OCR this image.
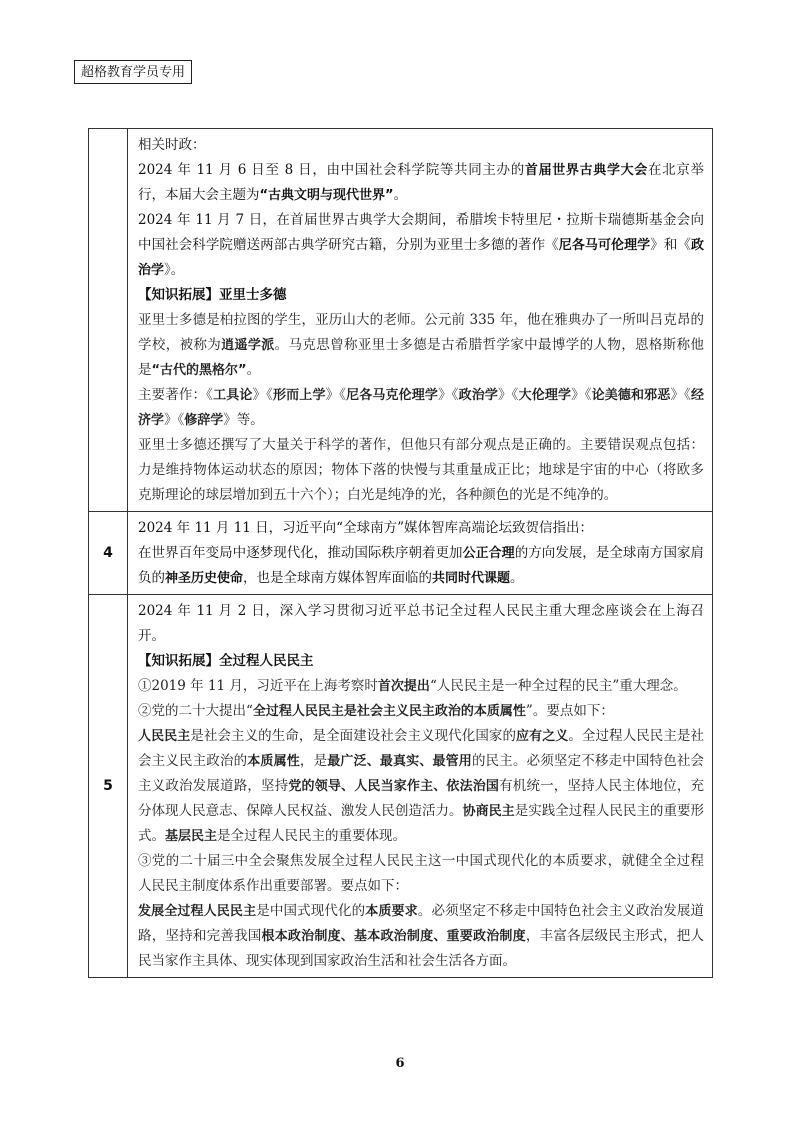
超格教育学员专用

相关时政：

2024 年 11 月 6 日至 8 日，由中国社会科学院等共同主办的首届世界古典学大会在北京举行，本届大会主题为“古典文明与现代世界”。

2024 年 11 月 7 日，在首届世界古典学大会期间，希腊埃卡特里尼・拉斯卡瑞德斯基金会向中国社会科学院赠送两部古典学研究古籍，分别为亚里士多德的著作《尼各马可伦理学》和《政治学》。

【知识拓展】亚里士多德

亚里士多德是柏拉图的学生，亚历山大的老师。公元前 335 年，他在雅典办了一所叫吕克昂的学校，被称为逍遥学派。马克思曾称亚里士多德是古希腊哲学家中最博学的人物，恩格斯称他是“古代的黑格尔”。

主要著作：《工具论》《形而上学》《尼各马克伦理学》《政治学》《大伦理学》《论美德和邪恶》《经济学》《修辞学》等。

亚里士多德还撰写了大量关于科学的著作，但他只有部分观点是正确的。主要错误观点包括：力是维持物体运动状态的原因；物体下落的快慢与其重量成正比；地球是宇宙的中心（将欧多克斯理论的球层增加到五十六个）；白光是纯净的光，各种颜色的光是不纯净的。

4

2024 年 11 月 11 日，习近平向“全球南方”媒体智库高端论坛致贺信指出：

在世界百年变局中逐梦现代化，推动国际秩序朝着更加公正合理的方向发展，是全球南方国家肩负的神圣历史使命，也是全球南方媒体智库面临的共同时代课题。

5

2024 年 11 月 2 日，深入学习贯彻习近平总书记全过程人民民主重大理念座谈会在上海召开。

【知识拓展】全过程人民民主

①2019 年 11 月，习近平在上海考察时首次提出“人民民主是一种全过程的民主”重大理念。

②党的二十大提出“全过程人民民主是社会主义民主政治的本质属性”。要点如下：

人民民主是社会主义的生命，是全面建设社会主义现代化国家的应有之义。全过程人民民主是社会主义民主政治的本质属性，是最广泛、最真实、最管用的民主。必须坚定不移走中国特色社会主义政治发展道路，坚持党的领导、人民当家作主、依法治国有机统一，坚持人民主体地位，充分体现人民意志、保障人民权益、激发人民创造活力。协商民主是实践全过程人民民主的重要形式。基层民主是全过程人民民主的重要体现。

③党的二十届三中全会聚焦发展全过程人民民主这一中国式现代化的本质要求，就健全全过程人民民主制度体系作出重要部署。要点如下：

发展全过程人民民主是中国式现代化的本质要求。必须坚定不移走中国特色社会主义政治发展道路，坚持和完善我国根本政治制度、基本政治制度、重要政治制度，丰富各层级民主形式，把人民当家作主具体、现实体现到国家政治生活和社会生活各方面。

6
